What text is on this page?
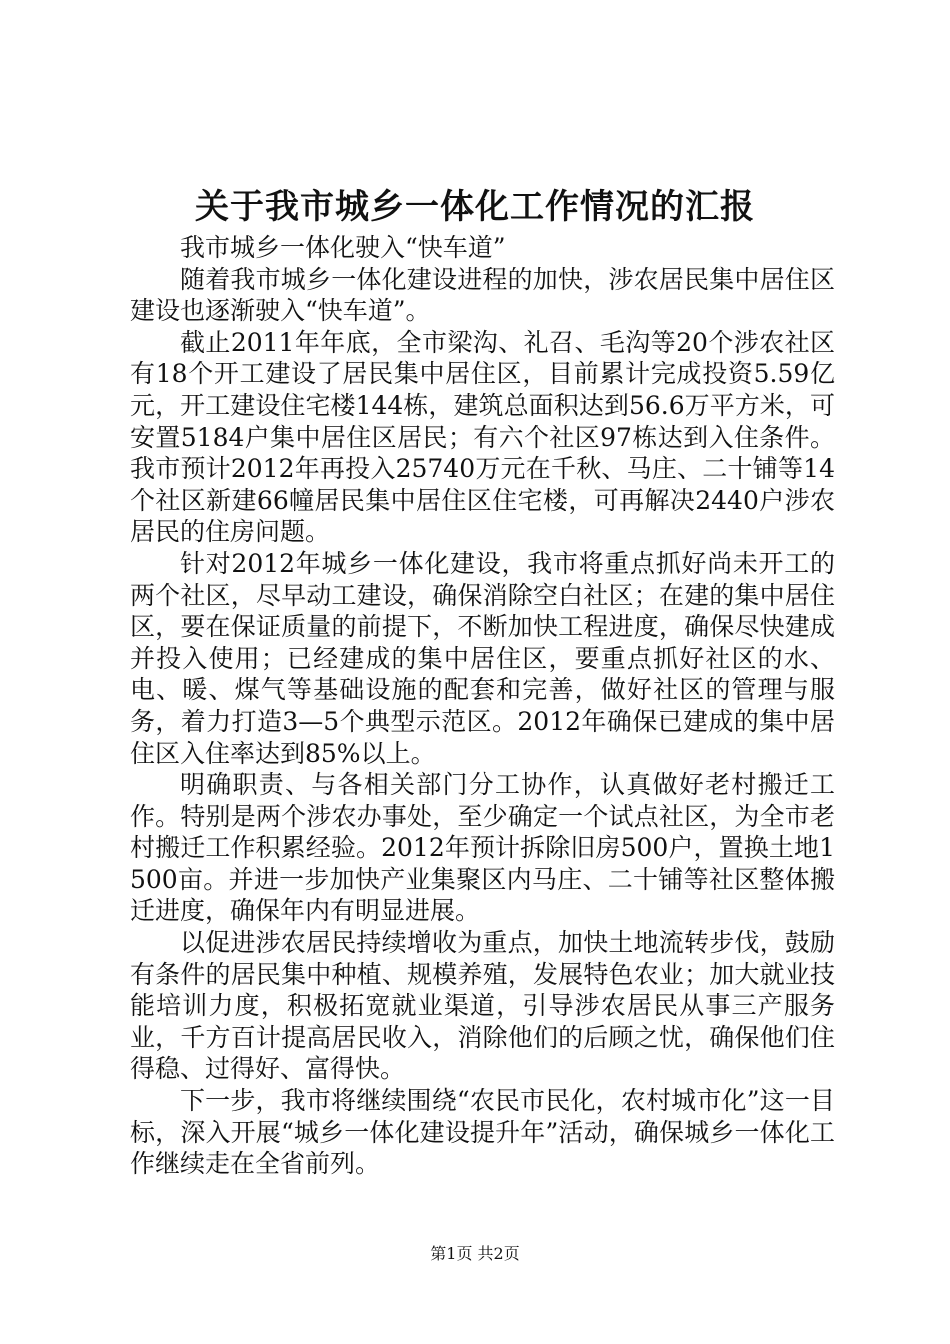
关于我市城乡一体化工作情况的汇报

我市城乡一体化驶入“快车道”

随着我市城乡一体化建设进程的加快，涉农居民集中居住区建设也逐渐驶入“快车道”。

截止2011年年底，全市梁沟、礼召、毛沟等20个涉农社区有18个开工建设了居民集中居住区，目前累计完成投资5.59亿元，开工建设住宅楼144栋，建筑总面积达到56.6万平方米，可安置5184户集中居住区居民；有六个社区97栋达到入住条件。我市预计2012年再投入25740万元在千秋、马庄、二十铺等14个社区新建66幢居民集中居住区住宅楼，可再解决2440户涉农居民的住房问题。

针对2012年城乡一体化建设，我市将重点抓好尚未开工的两个社区，尽早动工建设，确保消除空白社区；在建的集中居住区，要在保证质量的前提下，不断加快工程进度，确保尽快建成并投入使用；已经建成的集中居住区，要重点抓好社区的水、电、暖、煤气等基础设施的配套和完善，做好社区的管理与服务，着力打造3—5个典型示范区。2012年确保已建成的集中居住区入住率达到85%以上。

明确职责、与各相关部门分工协作，认真做好老村搬迁工作。特别是两个涉农办事处，至少确定一个试点社区，为全市老村搬迁工作积累经验。2012年预计拆除旧房500户，置换土地1500亩。并进一步加快产业集聚区内马庄、二十铺等社区整体搬迁进度，确保年内有明显进展。

以促进涉农居民持续增收为重点，加快土地流转步伐，鼓励有条件的居民集中种植、规模养殖，发展特色农业；加大就业技能培训力度，积极拓宽就业渠道，引导涉农居民从事三产服务业，千方百计提高居民收入，消除他们的后顾之忧，确保他们住得稳、过得好、富得快。

下一步，我市将继续围绕“农民市民化，农村城市化”这一目标，深入开展“城乡一体化建设提升年”活动，确保城乡一体化工作继续走在全省前列。

第1页 共2页
